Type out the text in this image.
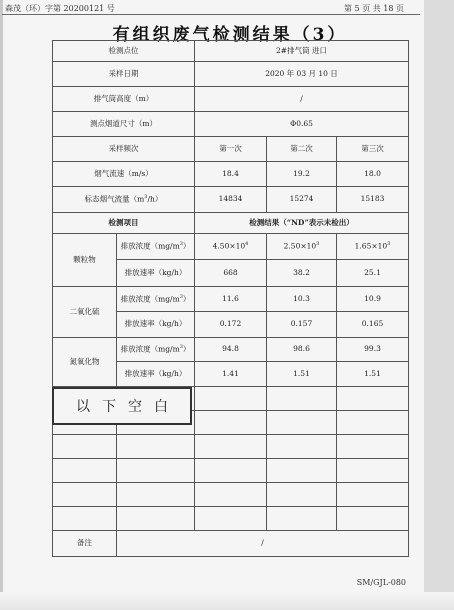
森茂（环）字第 20200121 号	第 5 页 共 18 页
有组织废气检测结果（3）
检测点位		2#排气筒 进口		
采样日期		2020 年 03 月 10 日		
排气筒高度（m）		/		
测点烟道尺寸（m）		Φ0.65		
采样频次		第一次	第二次	第三次
烟气流速（m/s）		18.4	19.2	18.0
标态烟气流量$(m^3/h)$		14834	15274	15183
检测项目		检测结果（“ND”表示未检出）		
颗粒物	排放浓度$(mg/m^3)$	$4.50\times 10^4$	$2.50\times 10^3$	$1.65\times 10^3$
	排放速率（kg/h）	668	38.2	25.1
二氧化硫	排放浓度$(mg/m^3)$	11.6	10.3	10.9
	排放速率（kg/h）	0.172	0.157	0.165
氮氧化物	排放浓度$(mg/m^3)$	94.8	98.6	99.3
	排放速率（kg/h）	1.41	1.51	1.51

备注	/			
以下空白
SM/GJL-080
